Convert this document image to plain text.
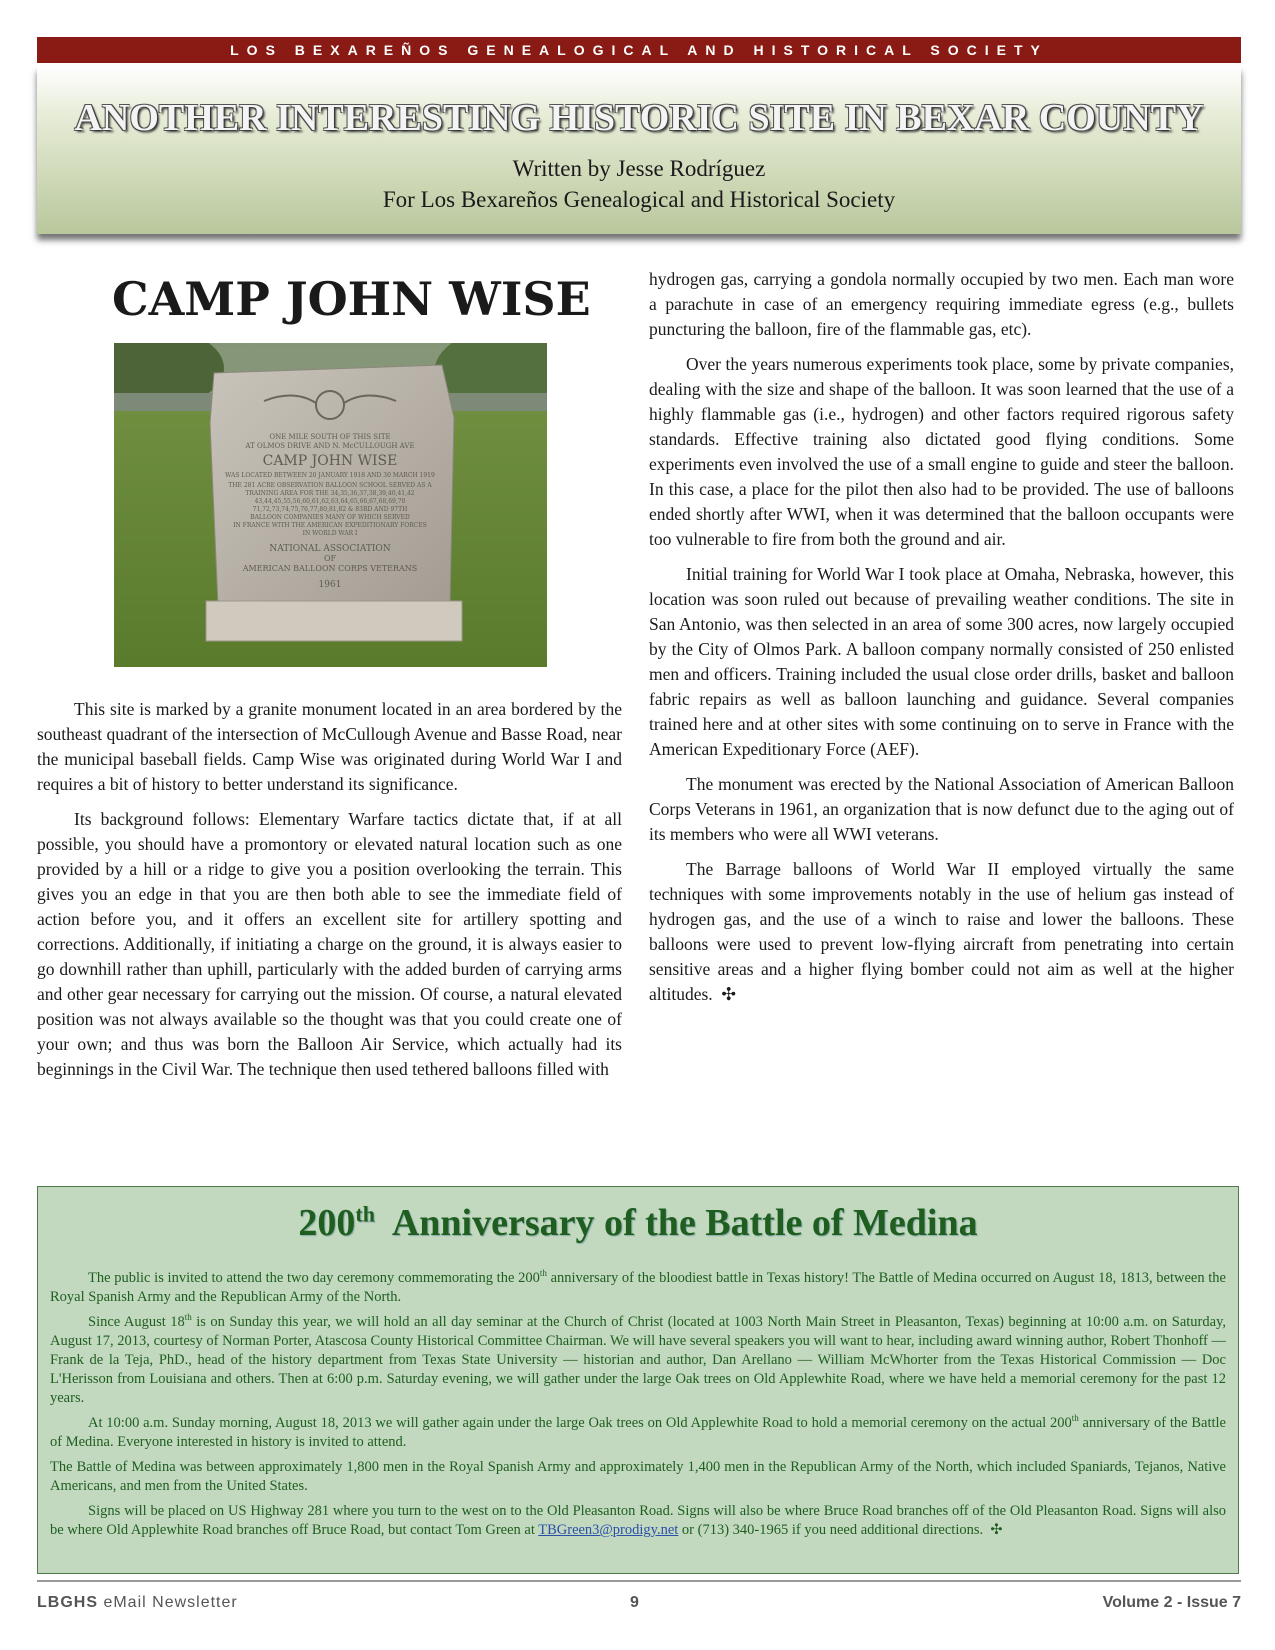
LOS BEXAREÑOS GENEALOGICAL AND HISTORICAL SOCIETY
ANOTHER INTERESTING HISTORIC SITE IN BEXAR COUNTY
Written by Jesse Rodríguez
For Los Bexareños Genealogical and Historical Society
CAMP JOHN WISE
ONE MILE SOUTH OF THIS SITE
AT OLMOS DRIVE AND N. McCULLOUGH AVE
CAMP JOHN WISE
WAS LOCATED BETWEEN 20 JANUARY 1918 AND 30 MARCH 1919
THE 281 ACRE OBSERVATION BALLOON SCHOOL SERVED AS A
TRAINING AREA FOR THE 34,35,36,37,38,39,40,41,42
43,44,45,55,56,60,61,62,63,64,65,66,67,68,69,70
71,72,73,74,75,76,77,80,81,82 & 83RD AND 97TH
BALLOON COMPANIES MANY OF WHICH SERVED
IN FRANCE WITH THE AMERICAN EXPEDITIONARY FORCES
IN WORLD WAR I
NATIONAL ASSOCIATION
OF
AMERICAN BALLOON CORPS VETERANS
1961

This site is marked by a granite monument located in an area bordered by the southeast quadrant of the intersection of McCullough Avenue and Basse Road, near the municipal baseball fields. Camp Wise was originated during World War I and requires a bit of history to better understand its significance.

Its background follows: Elementary Warfare tactics dictate that, if at all possible, you should have a promontory or elevated natural location such as one provided by a hill or a ridge to give you a position overlooking the terrain. This gives you an edge in that you are then both able to see the immediate field of action before you, and it offers an excellent site for artillery spotting and corrections. Additionally, if initiating a charge on the ground, it is always easier to go downhill rather than uphill, particularly with the added burden of carrying arms and other gear necessary for carrying out the mission. Of course, a natural elevated position was not always available so the thought was that you could create one of your own; and thus was born the Balloon Air Service, which actually had its beginnings in the Civil War. The technique then used tethered balloons filled with

hydrogen gas, carrying a gondola normally occupied by two men. Each man wore a parachute in case of an emergency requiring immediate egress (e.g., bullets puncturing the balloon, fire of the flammable gas, etc).

Over the years numerous experiments took place, some by private companies, dealing with the size and shape of the balloon. It was soon learned that the use of a highly flammable gas (i.e., hydrogen) and other factors required rigorous safety standards. Effective training also dictated good flying conditions. Some experiments even involved the use of a small engine to guide and steer the balloon. In this case, a place for the pilot then also had to be provided. The use of balloons ended shortly after WWI, when it was determined that the balloon occupants were too vulnerable to fire from both the ground and air.

Initial training for World War I took place at Omaha, Nebraska, however, this location was soon ruled out because of prevailing weather conditions. The site in San Antonio, was then selected in an area of some 300 acres, now largely occupied by the City of Olmos Park. A balloon company normally consisted of 250 enlisted men and officers. Training included the usual close order drills, basket and balloon fabric repairs as well as balloon launching and guidance. Several companies trained here and at other sites with some continuing on to serve in France with the American Expeditionary Force (AEF).

The monument was erected by the National Association of American Balloon Corps Veterans in 1961, an organization that is now defunct due to the aging out of its members who were all WWI veterans.

The Barrage balloons of World War II employed virtually the same techniques with some improvements notably in the use of helium gas instead of hydrogen gas, and the use of a winch to raise and lower the balloons. These balloons were used to prevent low-flying aircraft from penetrating into certain sensitive areas and a higher flying bomber could not aim as well at the higher altitudes. ✣

200th Anniversary of the Battle of Medina

The public is invited to attend the two day ceremony commemorating the 200th anniversary of the bloodiest battle in Texas history! The Battle of Medina occurred on August 18, 1813, between the Royal Spanish Army and the Republican Army of the North.

Since August 18th is on Sunday this year, we will hold an all day seminar at the Church of Christ (located at 1003 North Main Street in Pleasanton, Texas) beginning at 10:00 a.m. on Saturday, August 17, 2013, courtesy of Norman Porter, Atascosa County Historical Committee Chairman. We will have several speakers you will want to hear, including award winning author, Robert Thonhoff — Frank de la Teja, PhD., head of the history department from Texas State University — historian and author, Dan Arellano — William McWhorter from the Texas Historical Commission — Doc L'Herisson from Louisiana and others. Then at 6:00 p.m. Saturday evening, we will gather under the large Oak trees on Old Applewhite Road, where we have held a memorial ceremony for the past 12 years.

At 10:00 a.m. Sunday morning, August 18, 2013 we will gather again under the large Oak trees on Old Applewhite Road to hold a memorial ceremony on the actual 200th anniversary of the Battle of Medina. Everyone interested in history is invited to attend.

The Battle of Medina was between approximately 1,800 men in the Royal Spanish Army and approximately 1,400 men in the Republican Army of the North, which included Spaniards, Tejanos, Native Americans, and men from the United States.

Signs will be placed on US Highway 281 where you turn to the west on to the Old Pleasanton Road. Signs will also be where Bruce Road branches off of the Old Pleasanton Road. Signs will also be where Old Applewhite Road branches off Bruce Road, but contact Tom Green at TBGreen3@prodigy.net or (713) 340-1965 if you need additional directions. ✣

LBGHS eMail Newsletter	9	Volume 2 - Issue 7
